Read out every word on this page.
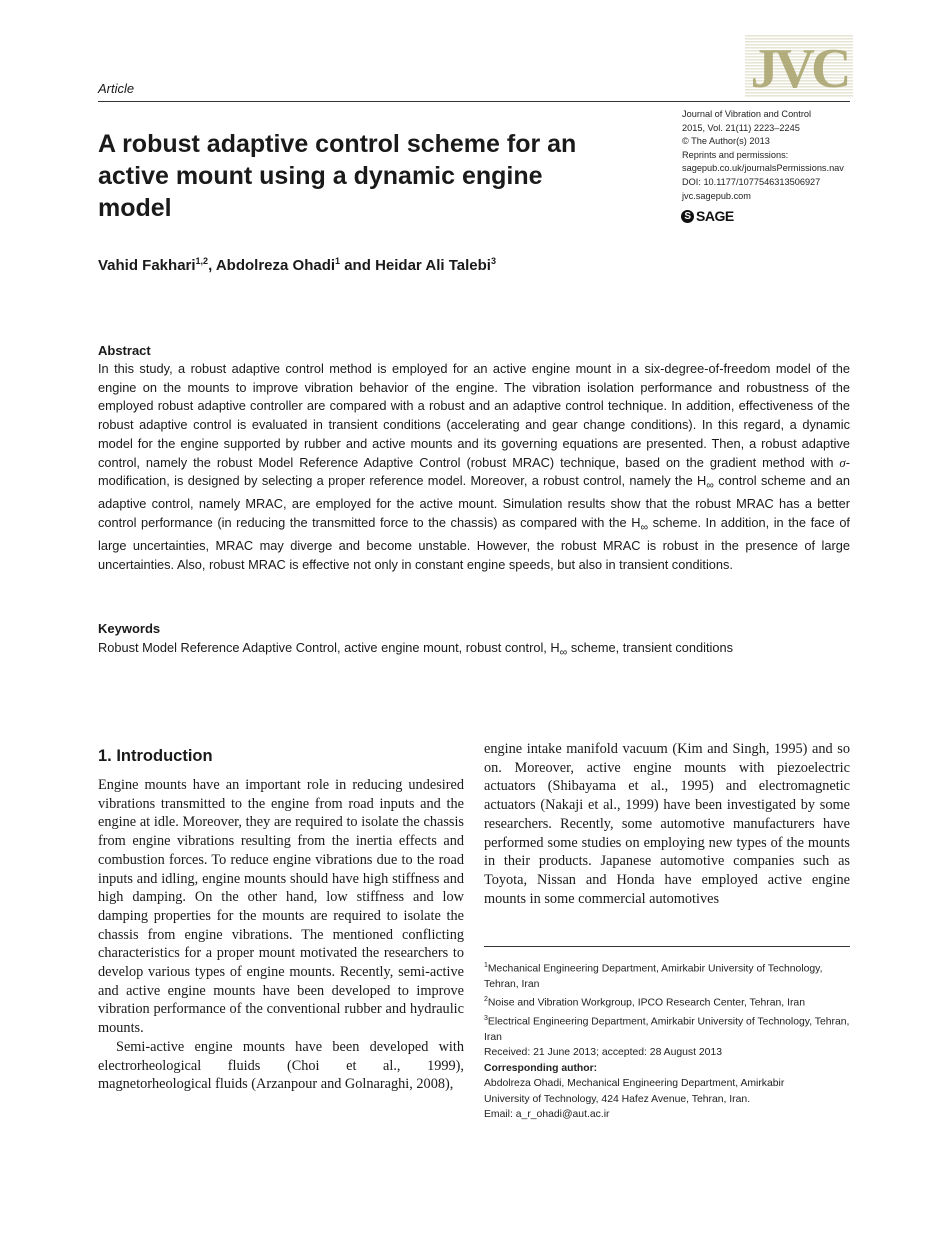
Article	JVC
Journal of Vibration and Control
2015, Vol. 21(11) 2223–2245
© The Author(s) 2013
Reprints and permissions:
sagepub.co.uk/journalsPermissions.nav
DOI: 10.1177/1077546313506927
jvc.sagepub.com
S SAGE
A robust adaptive control scheme for an active mount using a dynamic engine model
Vahid Fakhari$^{1,2}$, Abdolreza Ohadi$^1$ and Heidar Ali Talebi$^3$
Abstract

In this study, a robust adaptive control method is employed for an active engine mount in a six-degree-of-freedom model of the engine on the mounts to improve vibration behavior of the engine. The vibration isolation performance and robustness of the employed robust adaptive controller are compared with a robust and an adaptive control technique. In addition, effectiveness of the robust adaptive control is evaluated in transient conditions (accelerating and gear change conditions). In this regard, a dynamic model for the engine supported by rubber and active mounts and its governing equations are presented. Then, a robust adaptive control, namely the robust Model Reference Adaptive Control (robust MRAC) technique, based on the gradient method with σ-modification, is designed by selecting a proper reference model. Moreover, a robust control, namely the $H_\infty$ control scheme and an adaptive control, namely MRAC, are employed for the active mount. Simulation results show that the robust MRAC has a better control performance (in reducing the transmitted force to the chassis) as compared with the $H_\infty$ scheme. In addition, in the face of large uncertainties, MRAC may diverge and become unstable. However, the robust MRAC is robust in the presence of large uncertainties. Also, robust MRAC is effective not only in constant engine speeds, but also in transient conditions.

Keywords
Robust Model Reference Adaptive Control, active engine mount, robust control, $H_\infty$ scheme, transient conditions
1. Introduction

Engine mounts have an important role in reducing undesired vibrations transmitted to the engine from road inputs and the engine at idle. Moreover, they are required to isolate the chassis from engine vibrations resulting from the inertia effects and combustion forces. To reduce engine vibrations due to the road inputs and idling, engine mounts should have high stiffness and high damping. On the other hand, low stiffness and low damping properties for the mounts are required to isolate the chassis from engine vibrations. The mentioned conflicting characteristics for a proper mount motivated the researchers to develop various types of engine mounts. Recently, semi-active and active engine mounts have been developed to improve vibration performance of the conventional rubber and hydraulic mounts.

Semi-active engine mounts have been developed with electrorheological fluids (Choi et al., 1999), magnetorheological fluids (Arzanpour and Golnaraghi, 2008),

engine intake manifold vacuum (Kim and Singh, 1995) and so on. Moreover, active engine mounts with piezoelectric actuators (Shibayama et al., 1995) and electromagnetic actuators (Nakaji et al., 1999) have been investigated by some researchers. Recently, some automotive manufacturers have performed some studies on employing new types of the mounts in their products. Japanese automotive companies such as Toyota, Nissan and Honda have employed active engine mounts in some commercial automotives

$^1$Mechanical Engineering Department, Amirkabir University of Technology, Tehran, Iran

$^2$Noise and Vibration Workgroup, IPCO Research Center, Tehran, Iran

$^3$Electrical Engineering Department, Amirkabir University of Technology, Tehran, Iran

Received: 21 June 2013; accepted: 28 August 2013

Corresponding author:

Abdolreza Ohadi, Mechanical Engineering Department, Amirkabir

University of Technology, 424 Hafez Avenue, Tehran, Iran.

Email: a_r_ohadi@aut.ac.ir
